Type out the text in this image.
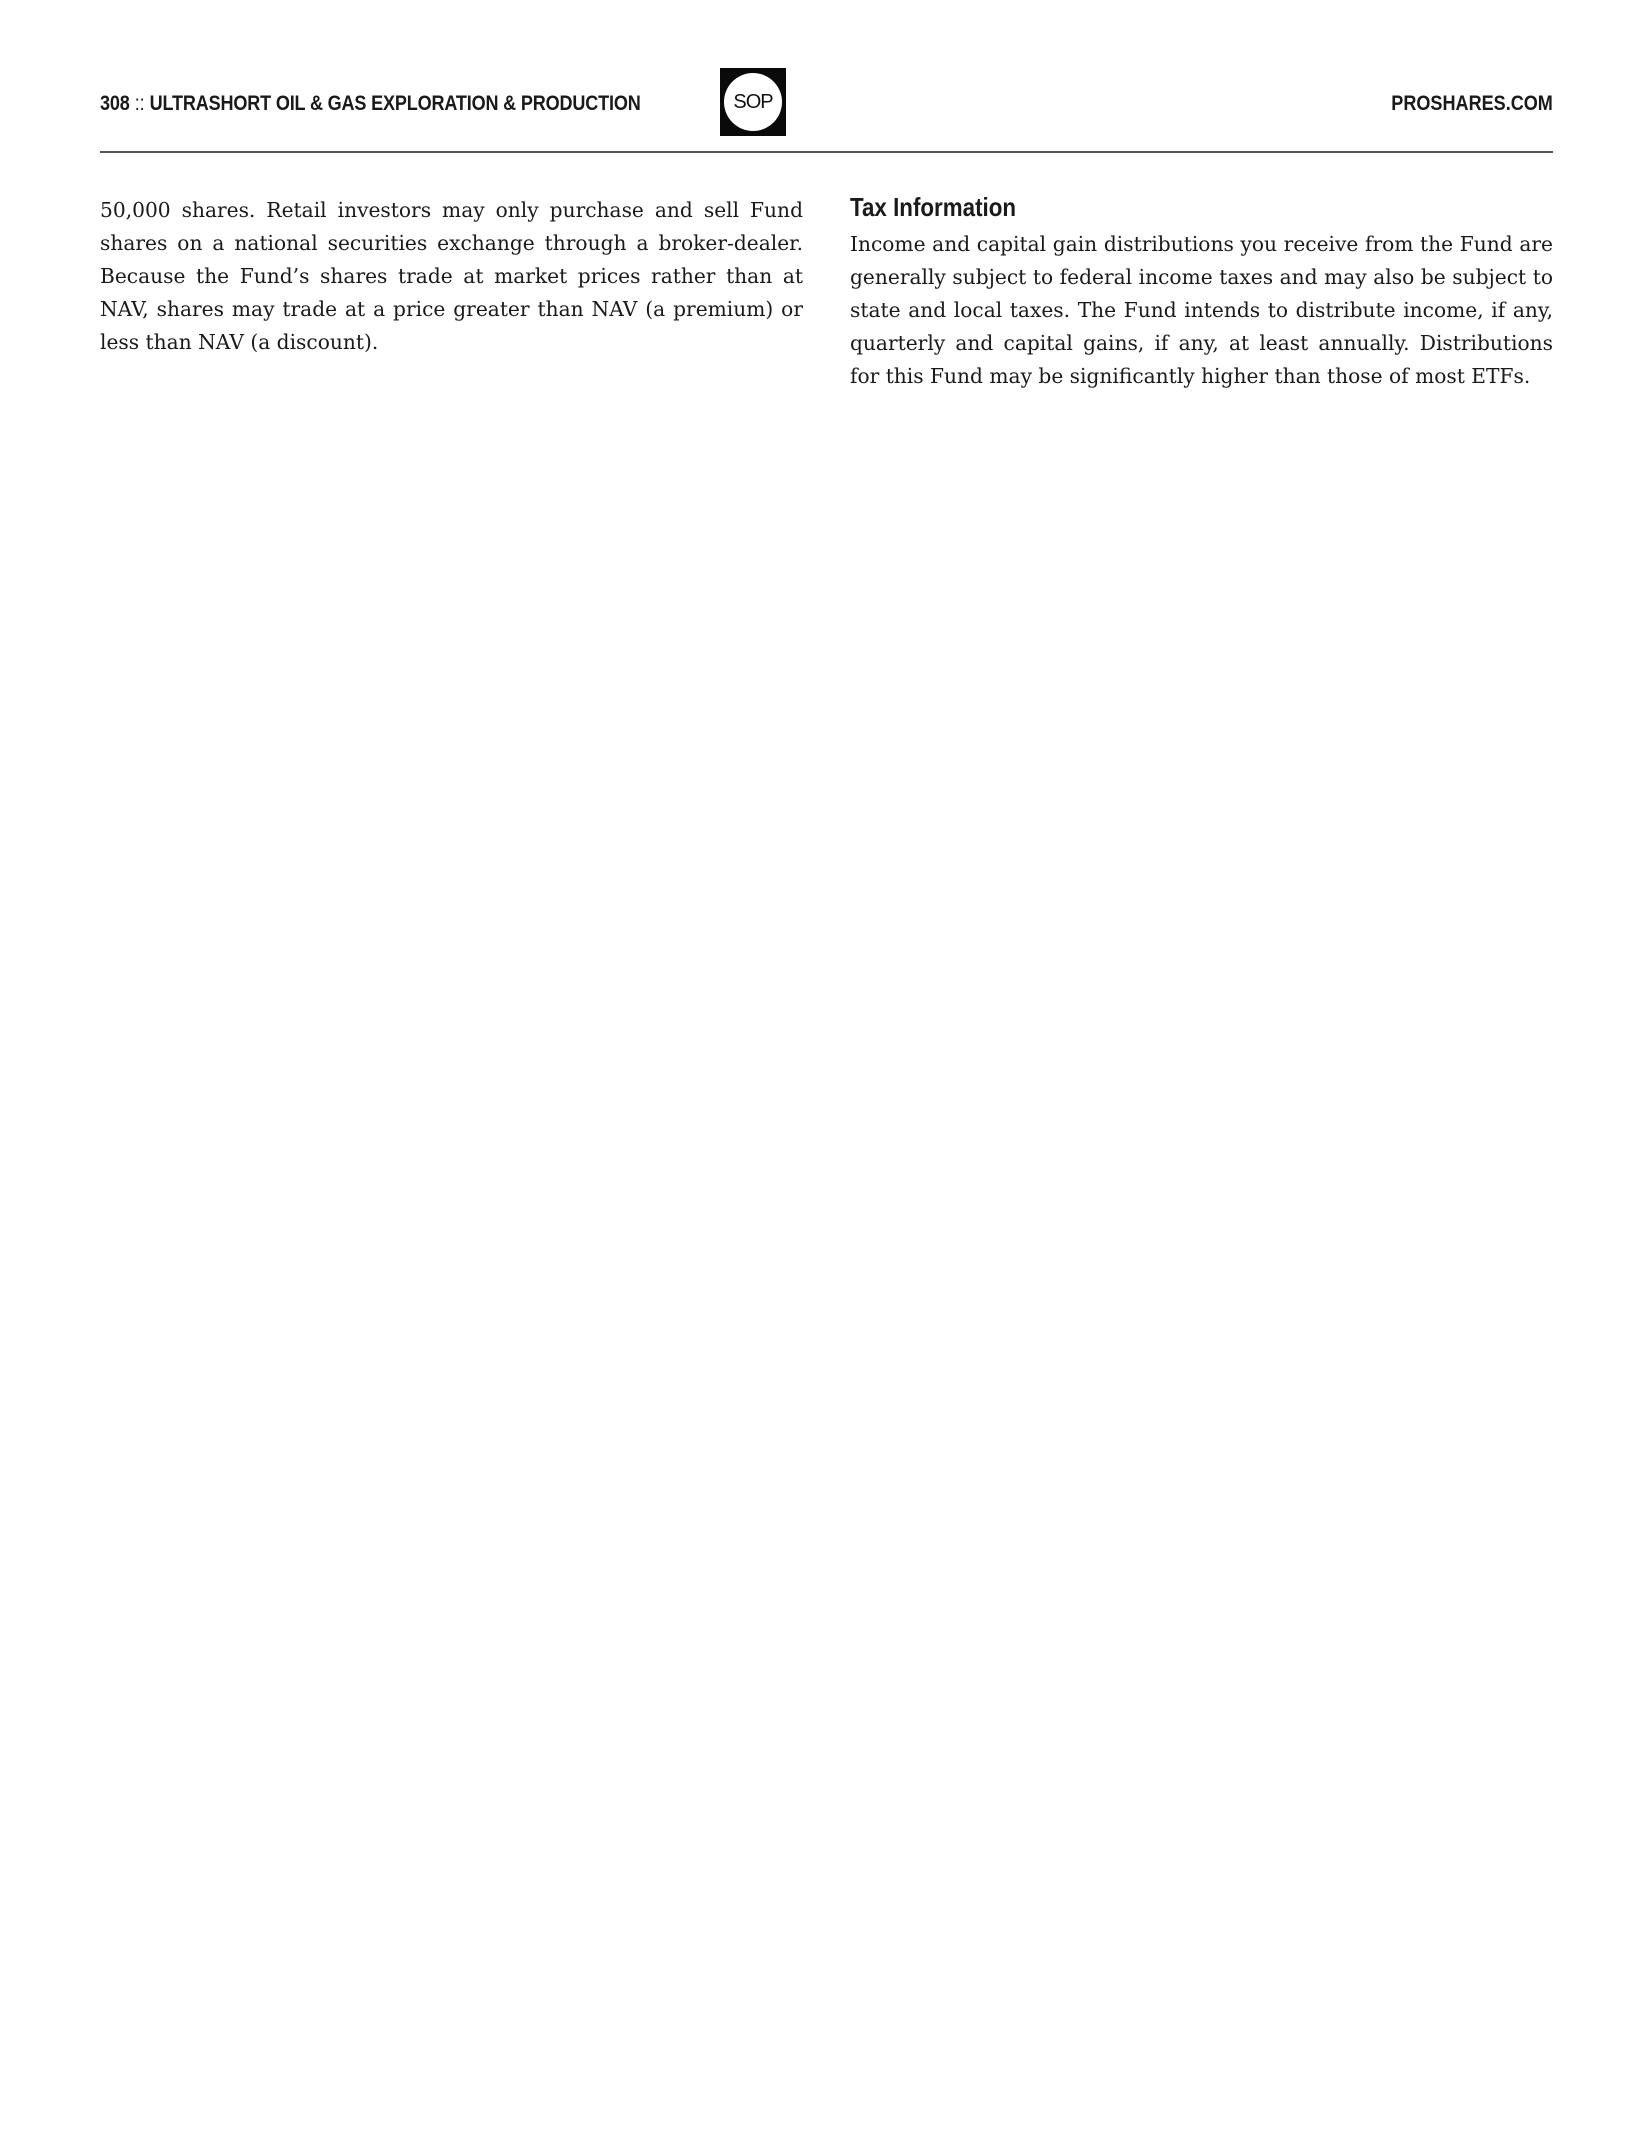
308 :: ULTRASHORT OIL & GAS EXPLORATION & PRODUCTION	SOP	PROSHARES.COM

50,000 shares. Retail investors may only purchase and sell Fund shares on a national securities exchange through a broker-dealer. Because the Fund’s shares trade at market prices rather than at NAV, shares may trade at a price greater than NAV (a premium) or less than NAV (a discount).

Tax Information

Income and capital gain distributions you receive from the Fund are generally subject to federal income taxes and may also be subject to state and local taxes. The Fund intends to distribute income, if any, quarterly and capital gains, if any, at least annually. Distributions for this Fund may be significantly higher than those of most ETFs.
